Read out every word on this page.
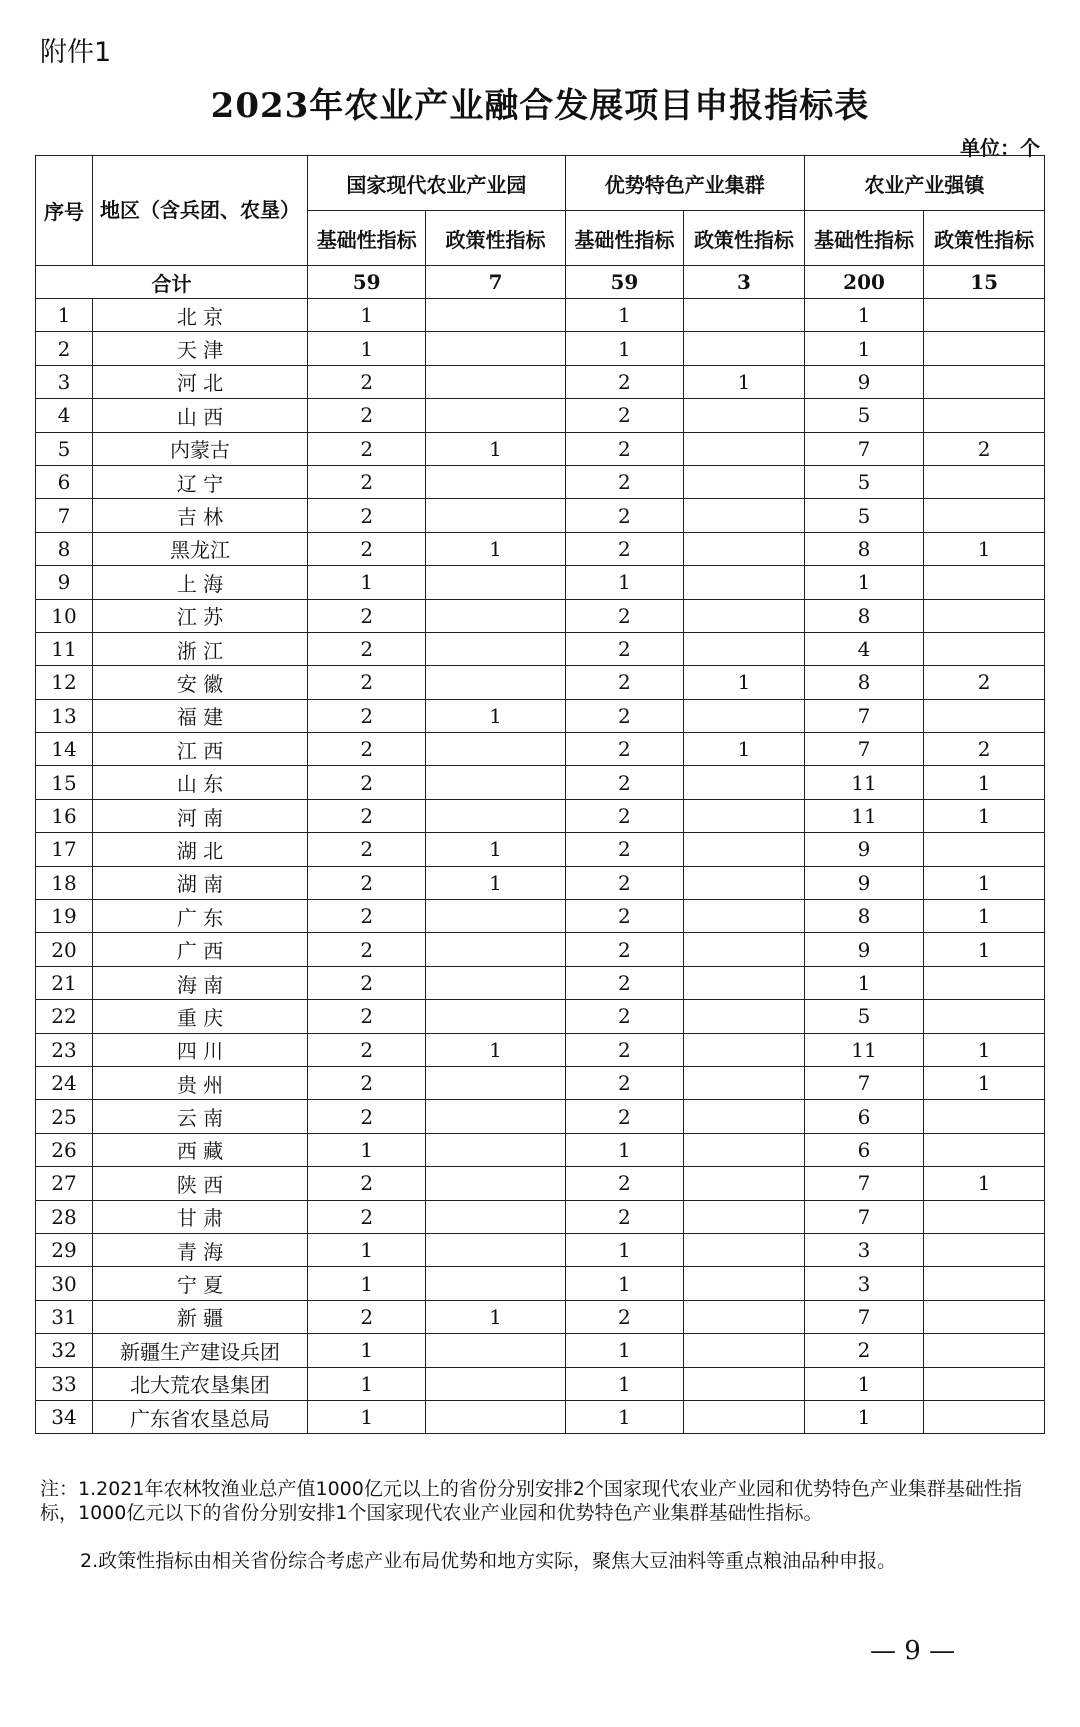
附件1
2023年农业产业融合发展项目申报指标表
单位：个
序号	地区（含兵团、农垦）	国家现代农业产业园		优势特色产业集群		农业产业强镇	
		基础性指标	政策性指标	基础性指标	政策性指标	基础性指标	政策性指标
合计		59	7	59	3	200	15
1	北 京	1		1		1	
2	天 津	1		1		1	
3	河 北	2		2	1	9	
4	山 西	2		2		5	
5	内蒙古	2	1	2		7	2
6	辽 宁	2		2		5	
7	吉 林	2		2		5	
8	黑龙江	2	1	2		8	1
9	上 海	1		1		1	
10	江 苏	2		2		8	
11	浙 江	2		2		4	
12	安 徽	2		2	1	8	2
13	福 建	2	1	2		7	
14	江 西	2		2	1	7	2
15	山 东	2		2		11	1
16	河 南	2		2		11	1
17	湖 北	2	1	2		9	
18	湖 南	2	1	2		9	1
19	广 东	2		2		8	1
20	广 西	2		2		9	1
21	海 南	2		2		1	
22	重 庆	2		2		5	
23	四 川	2	1	2		11	1
24	贵 州	2		2		7	1
25	云 南	2		2		6	
26	西 藏	1		1		6	
27	陕 西	2		2		7	1
28	甘 肃	2		2		7	
29	青 海	1		1		3	
30	宁 夏	1		1		3	
31	新 疆	2	1	2		7	
32	新疆生产建设兵团	1		1		2	
33	北大荒农垦集团	1		1		1	
34	广东省农垦总局	1		1		1	
注：1.2021年农林牧渔业总产值1000亿元以上的省份分别安排2个国家现代农业产业园和优势特色产业集群基础性指标，1000亿元以下的省份分别安排1个国家现代农业产业园和优势特色产业集群基础性指标。
2.政策性指标由相关省份综合考虑产业布局优势和地方实际，聚焦大豆油料等重点粮油品种申报。
— 9 —
